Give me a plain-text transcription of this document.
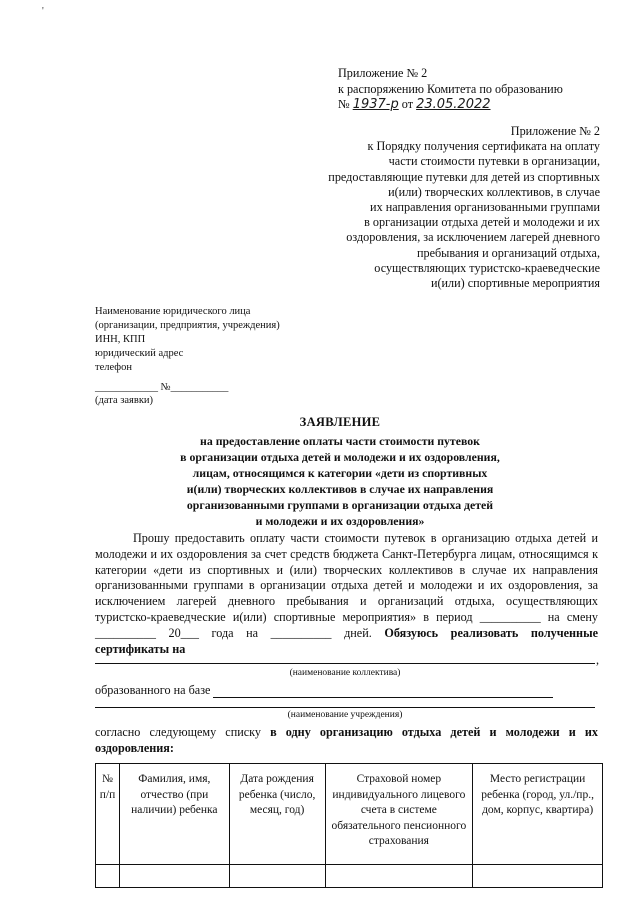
'
Приложение № 2
к распоряжению Комитета по образованию
№ 1937-р от 23.05.2022
Приложение № 2
к Порядку получения сертификата на оплату
части стоимости путевки в организации,
предоставляющие путевки для детей из спортивных
и(или) творческих коллективов, в случае
их направления организованными группами
в организации отдыха детей и молодежи и их
оздоровления, за исключением лагерей дневного
пребывания и организаций отдыха,
осуществляющих туристско-краеведческие
и(или) спортивные мероприятия
Наименование юридического лица
(организации, предприятия, учреждения)
ИНН, КПП
юридический адрес
телефон
____________ №___________
(дата заявки)
ЗАЯВЛЕНИЕ
на предоставление оплаты части стоимости путевок
в организации отдыха детей и молодежи и их оздоровления,
лицам, относящимся к категории «дети из спортивных
и(или) творческих коллективов в случае их направления
организованными группами в организации отдыха детей
и молодежи и их оздоровления»
Прошу предоставить оплату части стоимости путевок в организацию отдыха детей и молодежи и их оздоровления за счет средств бюджета Санкт-Петербурга лицам, относящимся к категории «дети из спортивных и (или) творческих коллективов в случае их направления организованными группами в организации отдыха детей и молодежи и их оздоровления, за исключением лагерей дневного пребывания и организаций отдыха, осуществляющих туристско-краеведческие и(или) спортивные мероприятия» в период __________ на смену __________ 20___ года на __________ дней. Обязуюсь реализовать полученные сертификаты на
,
(наименование коллектива)
образованного на базе
(наименование учреждения)
согласно следующему списку в одну организацию отдыха детей и молодежи и их оздоровления:
№ п/п	Фамилия, имя, отчество (при наличии) ребенка	Дата рождения ребенка (число, месяц, год)	Страховой номер индивидуального лицевого счета в системе обязательного пенсионного страхования	Место регистрации ребенка (город, ул./пр., дом, корпус, квартира)
